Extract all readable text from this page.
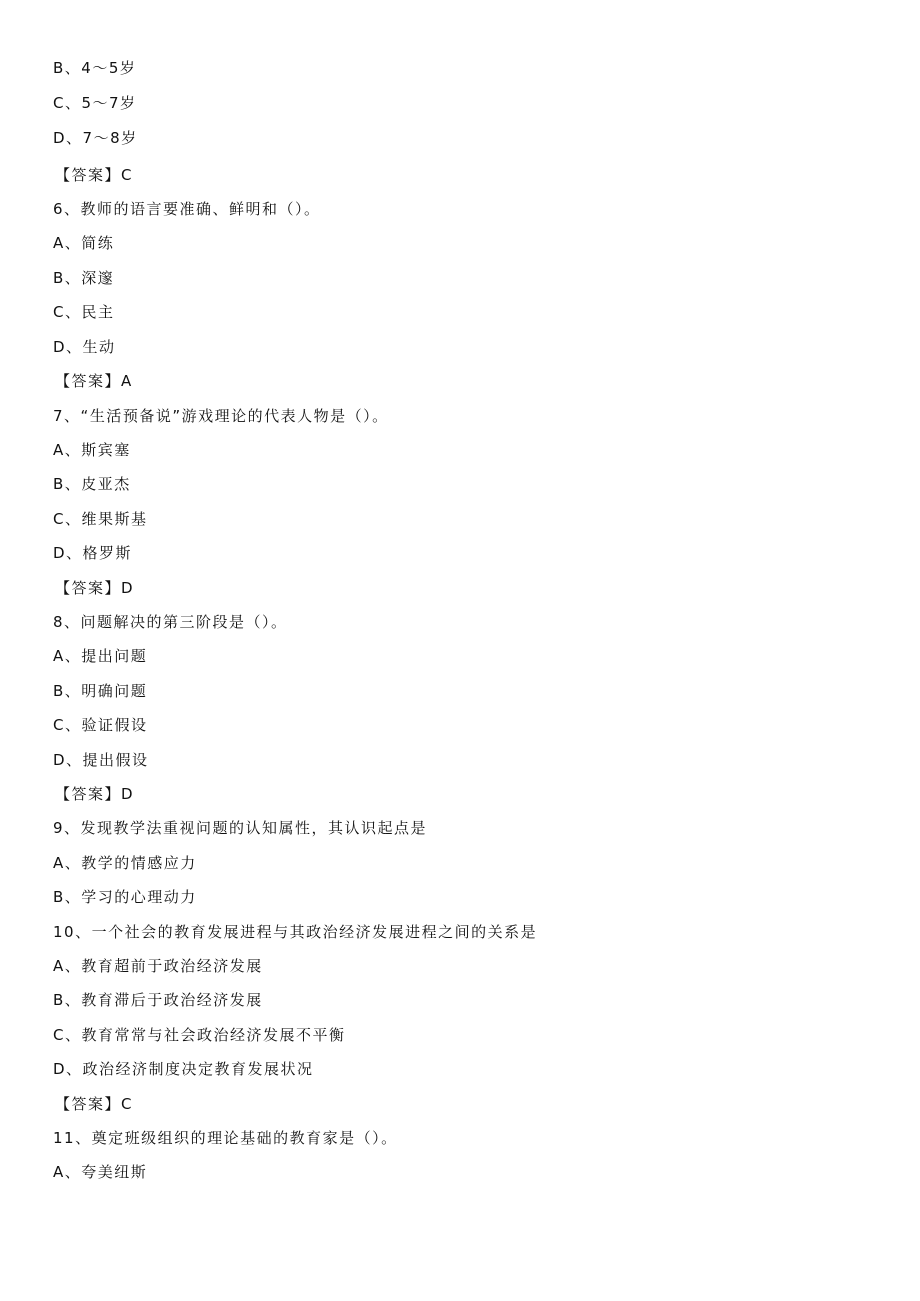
B、4～5岁
C、5～7岁
D、7～8岁
【答案】C
6、教师的语言要准确、鲜明和（）。
A、简练
B、深邃
C、民主
D、生动
【答案】A
7、“生活预备说”游戏理论的代表人物是（）。
A、斯宾塞
B、皮亚杰
C、维果斯基
D、格罗斯
【答案】D
8、问题解决的第三阶段是（）。
A、提出问题
B、明确问题
C、验证假设
D、提出假设
【答案】D
9、发现教学法重视问题的认知属性，其认识起点是
A、教学的情感应力
B、学习的心理动力
10、一个社会的教育发展进程与其政治经济发展进程之间的关系是
A、教育超前于政治经济发展
B、教育滞后于政治经济发展
C、教育常常与社会政治经济发展不平衡
D、政治经济制度决定教育发展状况
【答案】C
11、奠定班级组织的理论基础的教育家是（）。
A、夸美纽斯
